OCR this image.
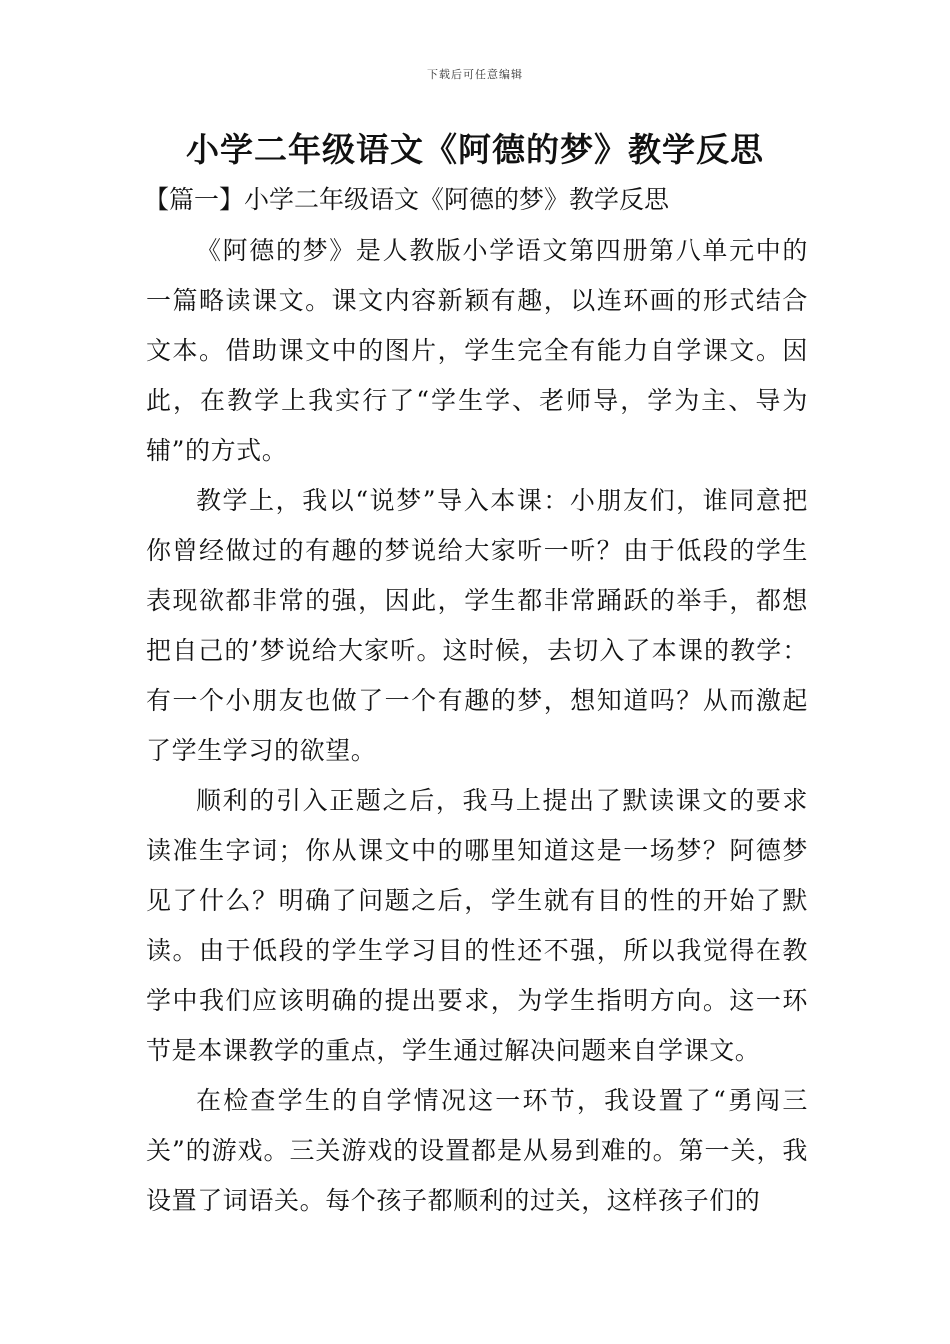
下载后可任意编辑
小学二年级语文《阿德的梦》教学反思
【篇一】小学二年级语文《阿德的梦》教学反思

《阿德的梦》是人教版小学语文第四册第八单元中的一篇略读课文。课文内容新颖有趣，以连环画的形式结合文本。借助课文中的图片，学生完全有能力自学课文。因此，在教学上我实行了“学生学、老师导，学为主、导为辅”的方式。

教学上，我以“说梦”导入本课：小朋友们，谁同意把你曾经做过的有趣的梦说给大家听一听？由于低段的学生表现欲都非常的强，因此，学生都非常踊跃的举手，都想把自己的’梦说给大家听。这时候，去切入了本课的教学：有一个小朋友也做了一个有趣的梦，想知道吗？从而激起了学生学习的欲望。

顺利的引入正题之后，我马上提出了默读课文的要求读准生字词；你从课文中的哪里知道这是一场梦？阿德梦见了什么？明确了问题之后，学生就有目的性的开始了默读。由于低段的学生学习目的性还不强，所以我觉得在教学中我们应该明确的提出要求，为学生指明方向。这一环节是本课教学的重点，学生通过解决问题来自学课文。

在检查学生的自学情况这一环节，我设置了“勇闯三关”的游戏。三关游戏的设置都是从易到难的。第一关，我设置了词语关。每个孩子都顺利的过关，这样孩子们的
